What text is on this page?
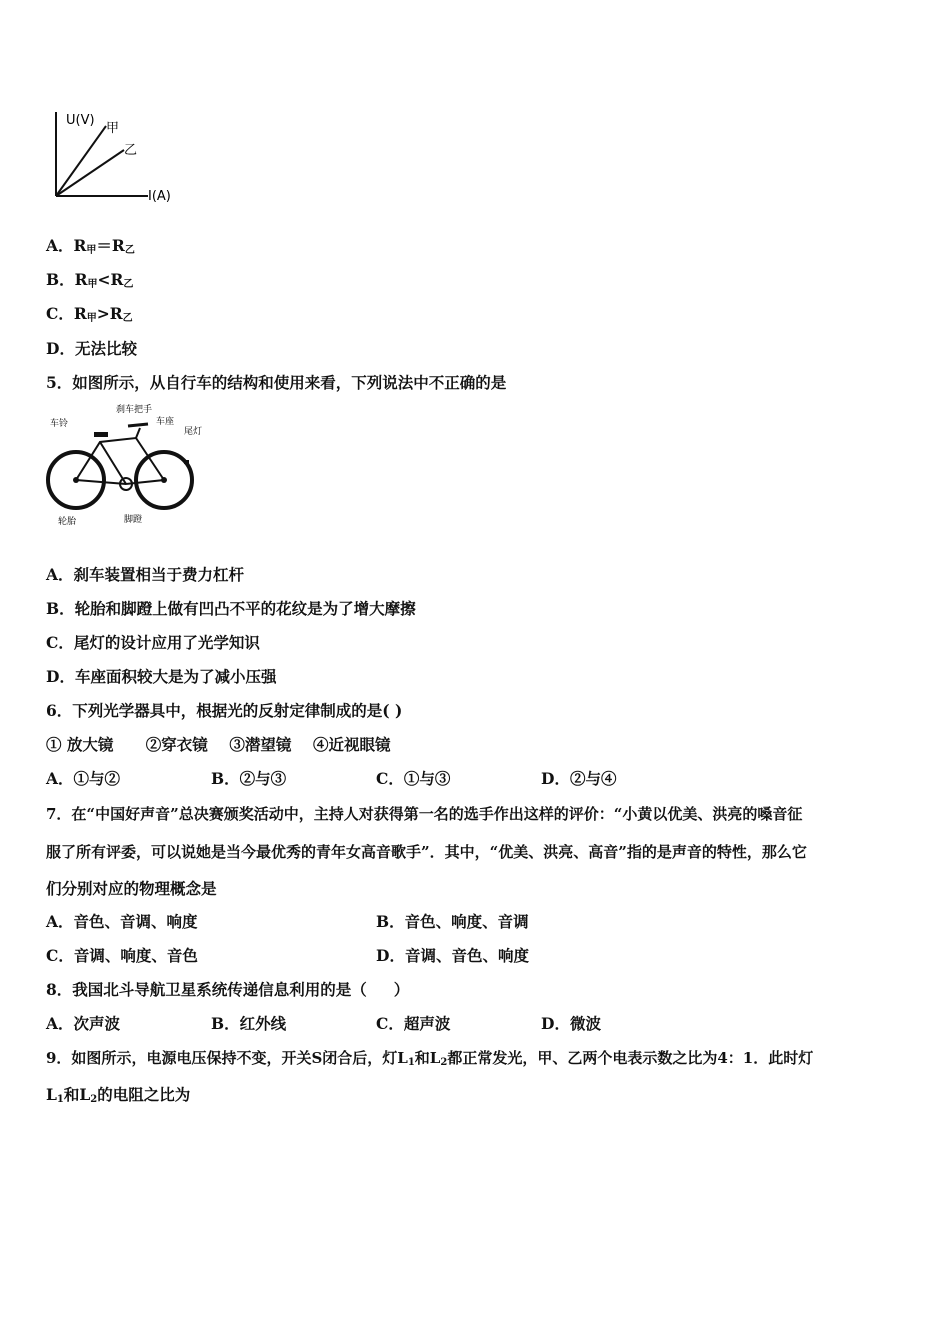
U(V)
I(A)
甲
乙
A．$R_甲=R_乙$
B．$R_甲<R_乙$
C．$R_甲>R_乙$
D．无法比较
5．如图所示，从自行车的结构和使用来看，下列说法中不正确的是
车铃
刹车把手
车座
尾灯
轮胎	脚蹬
A．刹车装置相当于费力杠杆
B．轮胎和脚蹬上做有凹凸不平的花纹是为了增大摩擦
C．尾灯的设计应用了光学知识
D．车座面积较大是为了减小压强
6．下列光学器具中，根据光的反射定律制成的是( )
① 放大镜      ②穿衣镜    ③潜望镜    ④近视眼镜
A．①与②	B．②与③	C．①与③	D．②与④
7．在“中国好声音”总决赛颁奖活动中，主持人对获得第一名的选手作出这样的评价：“小黄以优美、洪亮的嗓音征
服了所有评委，可以说她是当今最优秀的青年女高音歌手”．其中，“优美、洪亮、高音”指的是声音的特性，那么它
们分别对应的物理概念是
A．音色、音调、响度	B．音色、响度、音调
C．音调、响度、音色	D．音调、音色、响度
8．我国北斗导航卫星系统传递信息利用的是（     ）
A．次声波	B．红外线	C．超声波	D．微波
9．如图所示，电源电压保持不变，开关S闭合后，灯$L_1$和$L_2$都正常发光，甲、乙两个电表示数之比为4：1．此时灯
$L_1$和$L_2$的电阻之比为
